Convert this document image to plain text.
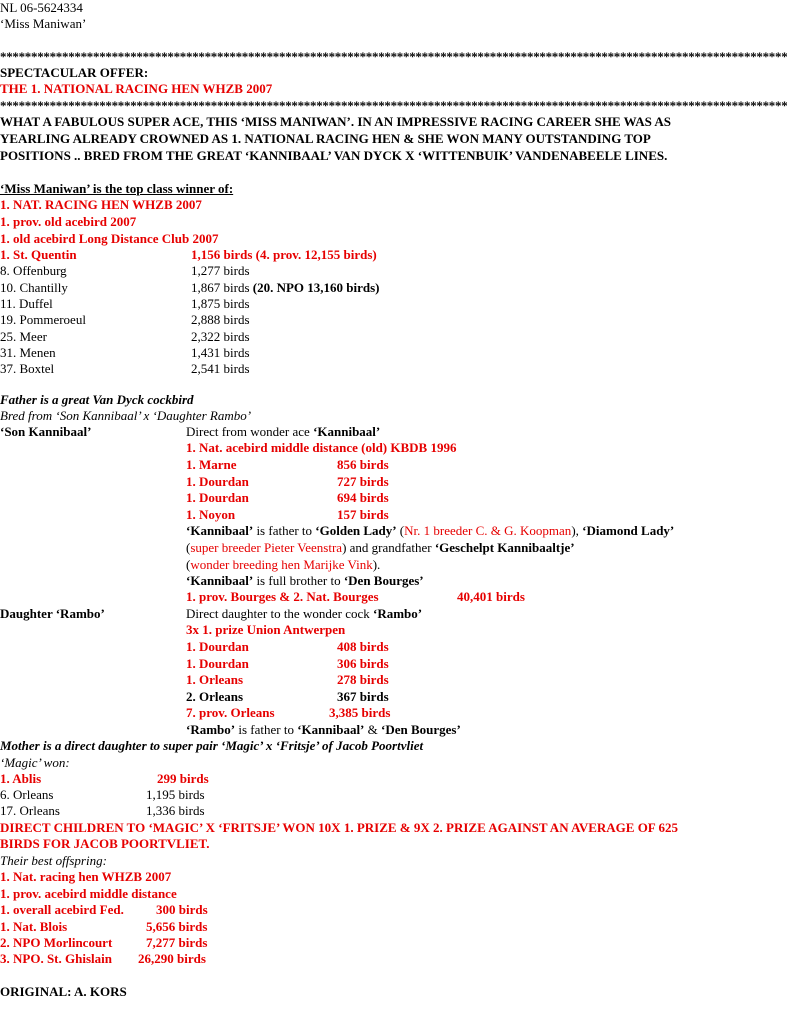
NL 06-5624334
‘Miss Maniwan’
*******************************************************************************************************************************
SPECTACULAR OFFER:
THE 1. NATIONAL RACING HEN WHZB 2007
*******************************************************************************************************************************
WHAT A FABULOUS SUPER ACE, THIS ‘MISS MANIWAN’. IN AN IMPRESSIVE RACING CAREER SHE WAS AS YEARLING ALREADY CROWNED AS 1. NATIONAL RACING HEN & SHE WON MANY OUTSTANDING TOP POSITIONS .. BRED FROM THE GREAT ‘KANNIBAAL’ VAN DYCK X ‘WITTENBUIK’ VANDENABEELE LINES.
‘Miss Maniwan’ is the top class winner of:
1. NAT. RACING HEN WHZB 2007
1. prov. old acebird 2007
1. old acebird Long Distance Club 2007
1. St. Quentin	1,156 birds (4. prov. 12,155 birds)
8. Offenburg	1,277 birds
10. Chantilly	1,867 birds (20. NPO 13,160 birds)
11. Duffel	1,875 birds
19. Pommeroeul	2,888 birds
25. Meer	2,322 birds
31. Menen	1,431 birds
37. Boxtel	2,541 birds
Father is a great Van Dyck cockbird
Bred from ‘Son Kannibaal’ x ‘Daughter Rambo’
‘Son Kannibaal’	Direct from wonder ace ‘Kannibaal’
1. Nat. acebird middle distance (old) KBDB 1996
1. Marne	856 birds
1. Dourdan	727 birds
1. Dourdan	694 birds
1. Noyon	157 birds
‘Kannibaal’ is father to ‘Golden Lady’ (Nr. 1 breeder C. & G. Koopman), ‘Diamond Lady’ (super breeder Pieter Veenstra) and grandfather ‘Geschelpt Kannibaaltje’
(wonder breeding hen Marijke Vink).
‘Kannibaal’ is full brother to ‘Den Bourges’
1. prov. Bourges & 2. Nat. Bourges	40,401 birds
Daughter ‘Rambo’	Direct daughter to the wonder cock ‘Rambo’
3x 1. prize Union Antwerpen
1. Dourdan	408 birds
1. Dourdan	306 birds
1. Orleans	278 birds
2. Orleans	367 birds
7. prov. Orleans	3,385 birds
‘Rambo’ is father to ‘Kannibaal’ & ‘Den Bourges’
Mother is a direct daughter to super pair ‘Magic’ x ‘Fritsje’ of Jacob Poortvliet
‘Magic’ won:
1. Ablis	299 birds
6. Orleans	1,195 birds
17. Orleans	1,336 birds
DIRECT CHILDREN TO ‘MAGIC’ X ‘FRITSJE’ WON 10X 1. PRIZE & 9X 2. PRIZE AGAINST AN AVERAGE OF 625 BIRDS FOR JACOB POORTVLIET.
Their best offspring:
1. Nat. racing hen WHZB 2007
1. prov. acebird middle distance
1. overall acebird Fed. 300 birds
1. Nat. Blois	5,656 birds
2. NPO Morlincourt	7,277 birds
3. NPO. St. Ghislain 26,290 birds
ORIGINAL: A. KORS
